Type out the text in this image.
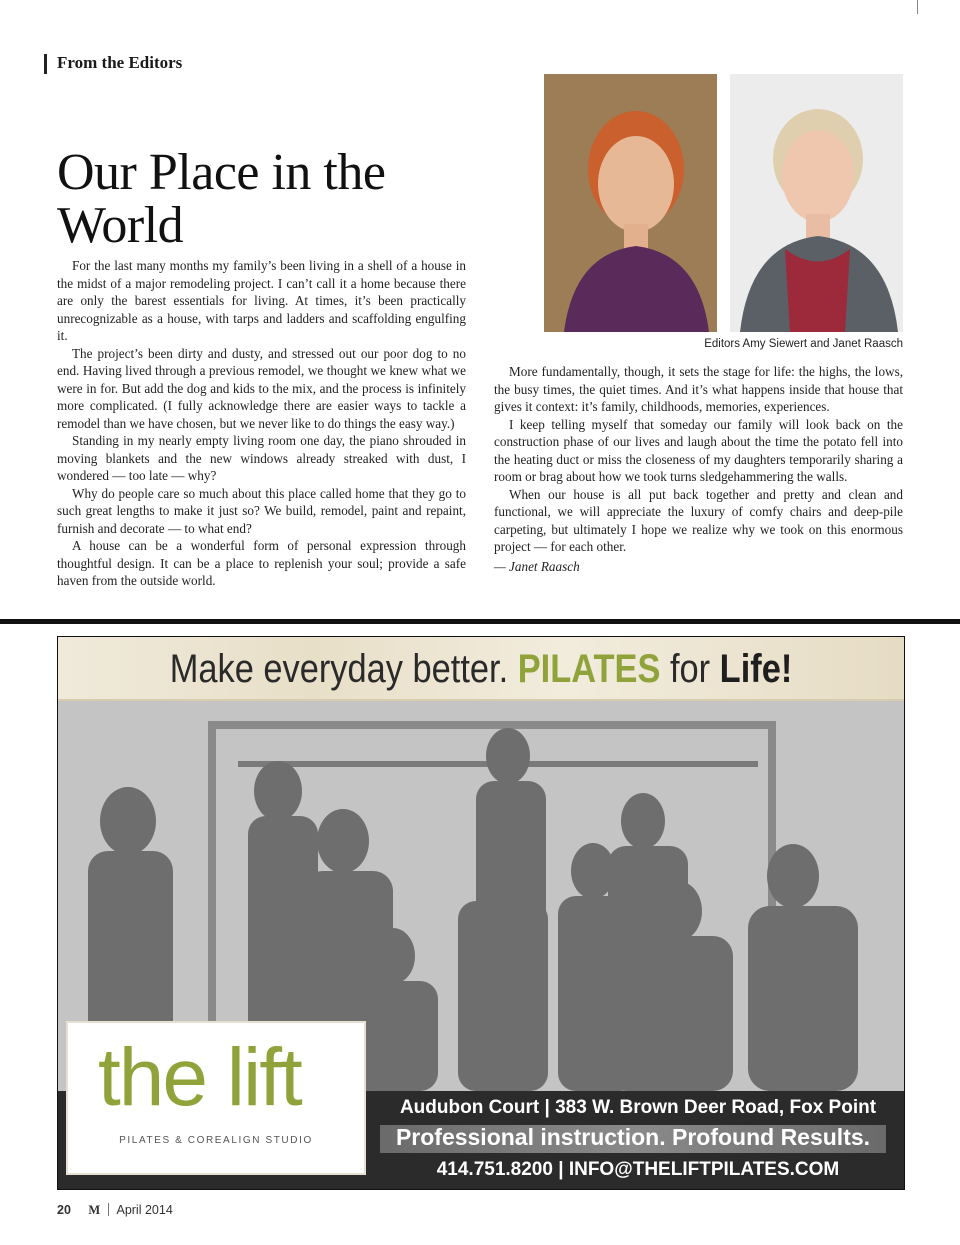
From the Editors
Our Place in the World

For the last many months my family’s been living in a shell of a house in the midst of a major remodeling project. I can’t call it a home because there are only the barest essentials for living. At times, it’s been practically unrecognizable as a house, with tarps and ladders and scaffolding engulfing it.

The project’s been dirty and dusty, and stressed out our poor dog to no end. Having lived through a previous remodel, we thought we knew what we were in for. But add the dog and kids to the mix, and the process is infinitely more complicated. (I fully acknowledge there are easier ways to tackle a remodel than we have chosen, but we never like to do things the easy way.)

Standing in my nearly empty living room one day, the piano shrouded in moving blankets and the new windows already streaked with dust, I wondered — too late — why?

Why do people care so much about this place called home that they go to such great lengths to make it just so? We build, remodel, paint and repaint, furnish and decorate — to what end?

A house can be a wonderful form of personal expression through thoughtful design. It can be a place to replenish your soul; provide a safe haven from the outside world.

Editors Amy Siewert and Janet Raasch

More fundamentally, though, it sets the stage for life: the highs, the lows, the busy times, the quiet times. And it’s what happens inside that house that gives it context: it’s family, childhoods, memories, experiences.

I keep telling myself that someday our family will look back on the construction phase of our lives and laugh about the time the potato fell into the heating duct or miss the closeness of my daughters temporarily sharing a room or brag about how we took turns sledgehammering the walls.

When our house is all put back together and pretty and clean and functional, we will appreciate the luxury of comfy chairs and deep-pile carpeting, but ultimately I hope we realize why we took on this enormous project — for each other.

— Janet Raasch

Make everyday better. PILATES for Life!
the lift
PILATES & COREALIGN STUDIO
Audubon Court | 383 W. Brown Deer Road, Fox Point
Professional instruction. Profound Results.
414.751.8200 | INFO@THELIFTPILATES.COM
20 M April 2014
